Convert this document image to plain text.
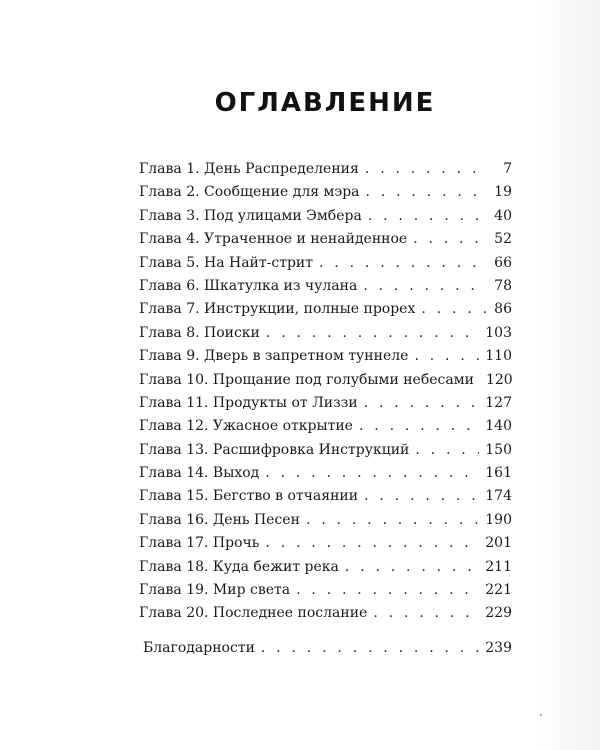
ОГЛАВЛЕНИЕ
Глава 1. День Распределения . . .	7
Глава 2. Сообщение для мэра . . .	19
Глава 3. Под улицами Эмбера . . .	40
Глава 4. Утраченное и ненайденное . . .	52
Глава 5. На Найт-стрит . . .	66
Глава 6. Шкатулка из чулана . . .	78
Глава 7. Инструкции, полные прорех . . .	86
Глава 8. Поиски . . .	103
Глава 9. Дверь в запретном туннеле . . .	110
Глава 10. Прощание под голубыми небесами 120
Глава 11. Продукты от Лиззи . . .	127
Глава 12. Ужасное открытие . . .	140
Глава 13. Расшифровка Инструкций . . .	150
Глава 14. Выход . . .	161
Глава 15. Бегство в отчаянии . . .	174
Глава 16. День Песен . . .	190
Глава 17. Прочь . . .	201
Глава 18. Куда бежит река . . .	211
Глава 19. Мир света . . .	221
Глава 20. Последнее послание . . .	229
Благодарности . . .	239
